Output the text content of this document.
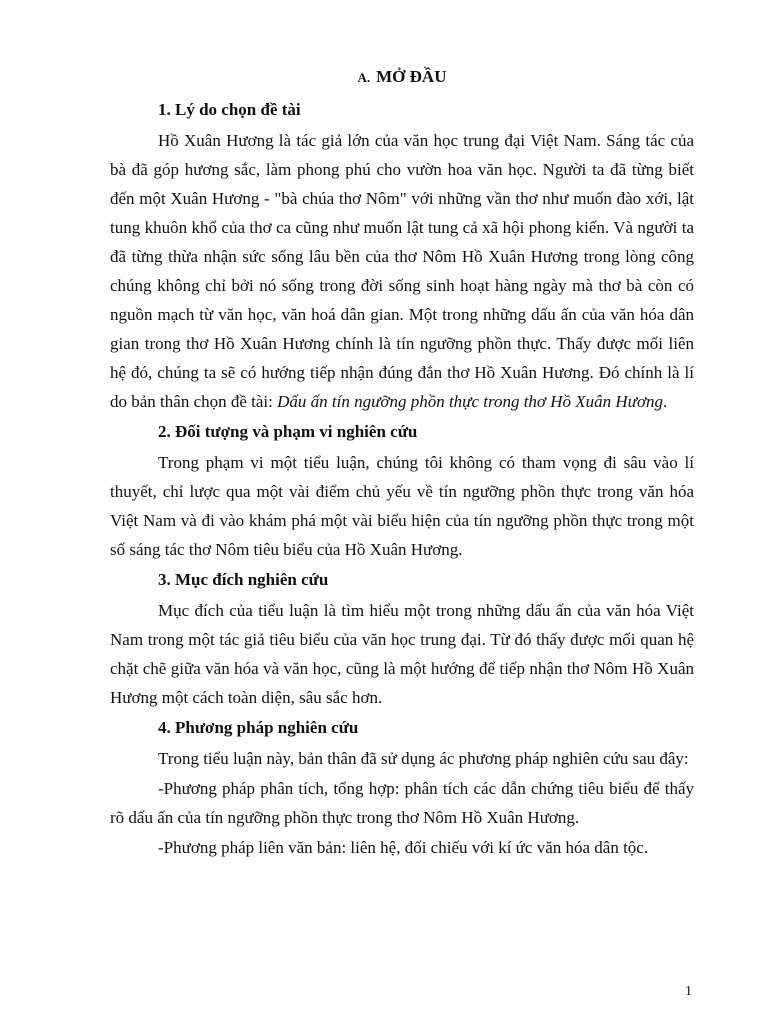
A. MỞ ĐẦU
1. Lý do chọn đề tài

Hồ Xuân Hương là tác giả lớn của văn học trung đại Việt Nam. Sáng tác của bà đã góp hương sắc, làm phong phú cho vườn hoa văn học. Người ta đã từng biết đến một Xuân Hương - "bà chúa thơ Nôm" với những vần thơ như muốn đào xới, lật tung khuôn khổ của thơ ca cũng như muốn lật tung cả xã hội phong kiến. Và người ta đã từng thừa nhận sức sống lâu bền của thơ Nôm Hồ Xuân Hương trong lòng công chúng không chỉ bởi nó sống trong đời sống sinh hoạt hàng ngày mà thơ bà còn có nguồn mạch từ văn học, văn hoá dân gian. Một trong những dấu ấn của văn hóa dân gian trong thơ Hồ Xuân Hương chính là tín ngưỡng phồn thực. Thấy được mối liên hệ đó, chúng ta sẽ có hướng tiếp nhận đúng đắn thơ Hồ Xuân Hương. Đó chính là lí do bản thân chọn đề tài: Dấu ấn tín ngưỡng phồn thực trong thơ Hồ Xuân Hương.

2. Đối tượng và phạm vi nghiên cứu

Trong phạm vi một tiểu luận, chúng tôi không có tham vọng đi sâu vào lí thuyết, chỉ lược qua một vài điểm chủ yếu về tín ngưỡng phồn thực trong văn hóa Việt Nam và đi vào khám phá một vài biểu hiện của tín ngưỡng phồn thực trong một số sáng tác thơ Nôm tiêu biểu của Hồ Xuân Hương.

3. Mục đích nghiên cứu

Mục đích của tiểu luận là tìm hiểu một trong những dấu ấn của văn hóa Việt Nam trong một tác giả tiêu biểu của văn học trung đại. Từ đó thấy được mối quan hệ chặt chẽ giữa văn hóa và văn học, cũng là một hướng để tiếp nhận thơ Nôm Hồ Xuân Hương một cách toàn diện, sâu sắc hơn.

4. Phương pháp nghiên cứu

Trong tiểu luận này, bản thân đã sử dụng ác phương pháp nghiên cứu sau đây:

-Phương pháp phân tích, tổng hợp: phân tích các dẫn chứng tiêu biểu để thấy rõ dấu ấn của tín ngưỡng phồn thực trong thơ Nôm Hồ Xuân Hương.

-Phương pháp liên văn bản: liên hệ, đối chiếu với kí ức văn hóa dân tộc.

1
